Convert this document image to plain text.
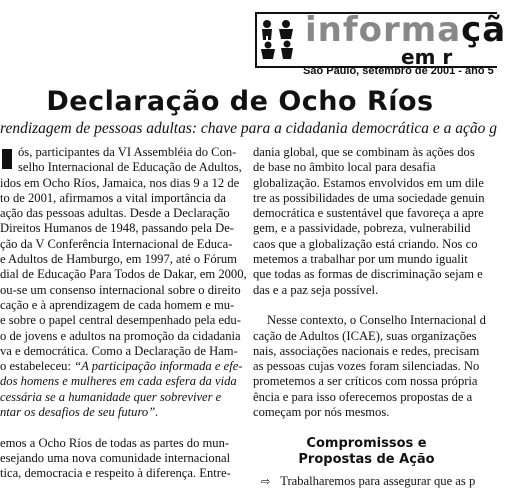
informaçã
em r
São Paulo, setembro de 2001 - ano 5
Declaração de Ocho Ríos
rendizagem de pessoas adultas: chave para a cidadania democrática e a ação g
ós, participantes da VI Assembléia do Con-
selho Internacional de Educação de Adultos,
idos em Ocho Ríos, Jamaica, nos dias 9 a 12 de
to de 2001, afirmamos a vital importância da
ação das pessoas adultas. Desde a Declaração
Direitos Humanos de 1948, passando pela De-
ção da V Conferência Internacional de Educa-
e Adultos de Hamburgo, em 1997, até o Fórum
dial de Educação Para Todos de Dakar, em 2000,
ou-se um consenso internacional sobre o direito
cação e à aprendizagem de cada homem e mu-
e sobre o papel central desempenhado pela edu-
o de jovens e adultos na promoção da cidadania
va e democrática. Como a Declaração de Ham-
o estabeleceu: “A participação informada e efe-
dos homens e mulheres em cada esfera da vida
cessária se a humanidade quer sobreviver e
ntar os desafios de seu futuro”.
emos a Ocho Ríos de todas as partes do mun-
esejando uma nova comunidade internacional
tica, democracia e respeito à diferença. Entre-
dania global, que se combinam às ações dos
de base no âmbito local para desafia
globalização. Estamos envolvidos em um dile
tre as possibilidades de uma sociedade genuin
democrática e sustentável que favoreça a apre
gem, e a passividade, pobreza, vulnerabilid
caos que a globalização está criando. Nos co
metemos a trabalhar por um mundo igualit
que todas as formas de discriminação sejam e
das e a paz seja possível.
Nesse contexto, o Conselho Internacional d
cação de Adultos (ICAE), suas organizações
nais, associações nacionais e redes, precisam
as pessoas cujas vozes foram silenciadas. No
prometemos a ser críticos com nossa própria
ência e para isso oferecemos propostas de a
começam por nós mesmos.
Compromissos e
Propostas de Ação
⇨ Trabalharemos para assegurar que as p
